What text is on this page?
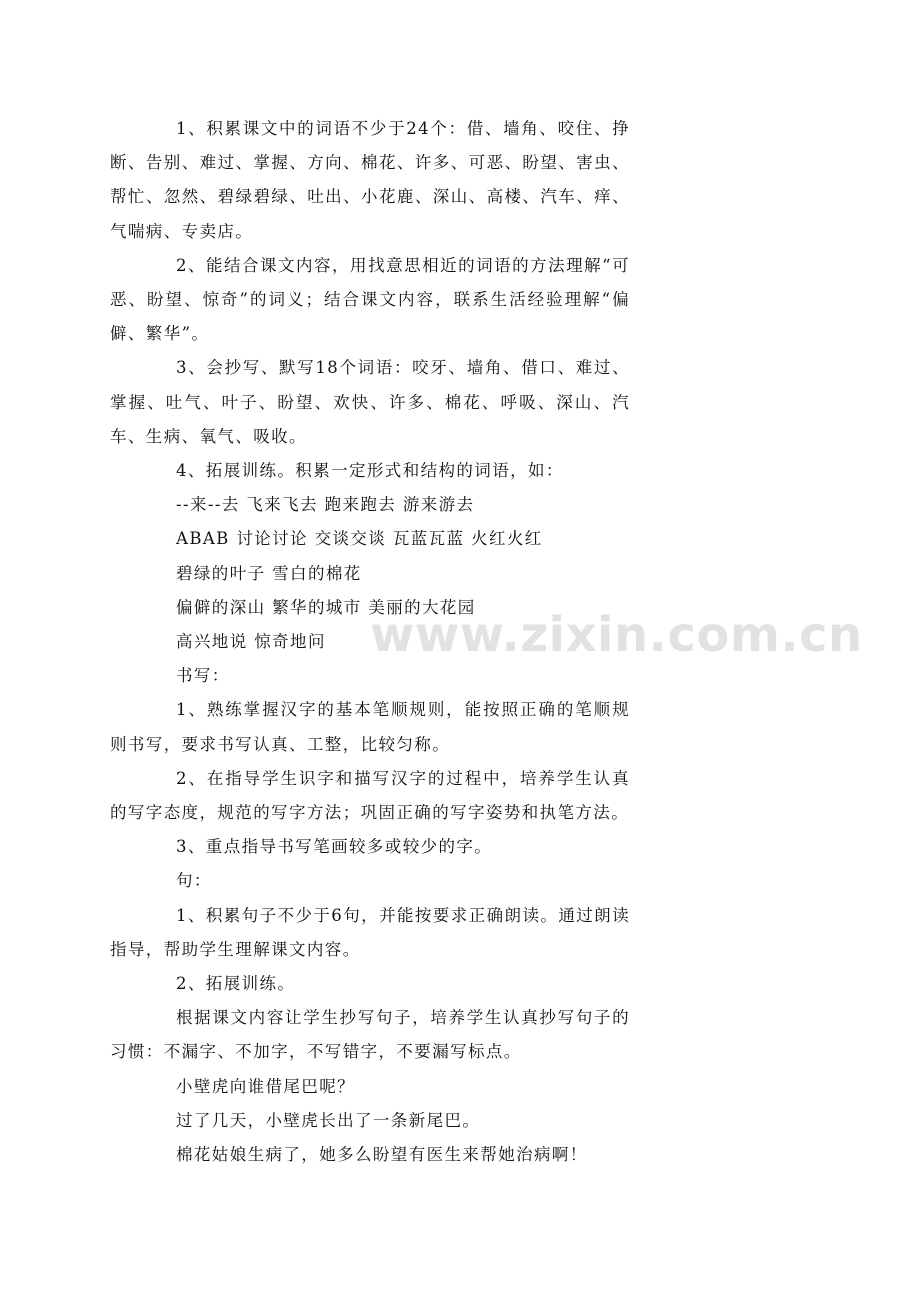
1、积累课文中的词语不少于24个：借、墙角、咬住、挣断、告别、难过、掌握、方向、棉花、许多、可恶、盼望、害虫、帮忙、忽然、碧绿碧绿、吐出、小花鹿、深山、高楼、汽车、痒、气喘病、专卖店。

2、能结合课文内容，用找意思相近的词语的方法理解“可恶、盼望、惊奇”的词义；结合课文内容，联系生活经验理解“偏僻、繁华”。

3、会抄写、默写18个词语：咬牙、墙角、借口、难过、掌握、吐气、叶子、盼望、欢快、许多、棉花、呼吸、深山、汽车、生病、氧气、吸收。

4、拓展训练。积累一定形式和结构的词语，如：

--来--去 飞来飞去 跑来跑去 游来游去

ABAB 讨论讨论 交谈交谈 瓦蓝瓦蓝 火红火红

碧绿的叶子 雪白的棉花

偏僻的深山 繁华的城市 美丽的大花园

高兴地说 惊奇地问

书写：

1、熟练掌握汉字的基本笔顺规则，能按照正确的笔顺规则书写，要求书写认真、工整，比较匀称。

2、在指导学生识字和描写汉字的过程中，培养学生认真的写字态度，规范的写字方法；巩固正确的写字姿势和执笔方法。

3、重点指导书写笔画较多或较少的字。

句：

1、积累句子不少于6句，并能按要求正确朗读。通过朗读指导，帮助学生理解课文内容。

2、拓展训练。

根据课文内容让学生抄写句子，培养学生认真抄写句子的习惯：不漏字、不加字，不写错字，不要漏写标点。

小壁虎向谁借尾巴呢？

过了几天，小壁虎长出了一条新尾巴。

棉花姑娘生病了，她多么盼望有医生来帮她治病啊！

www.zixin.com.cn
